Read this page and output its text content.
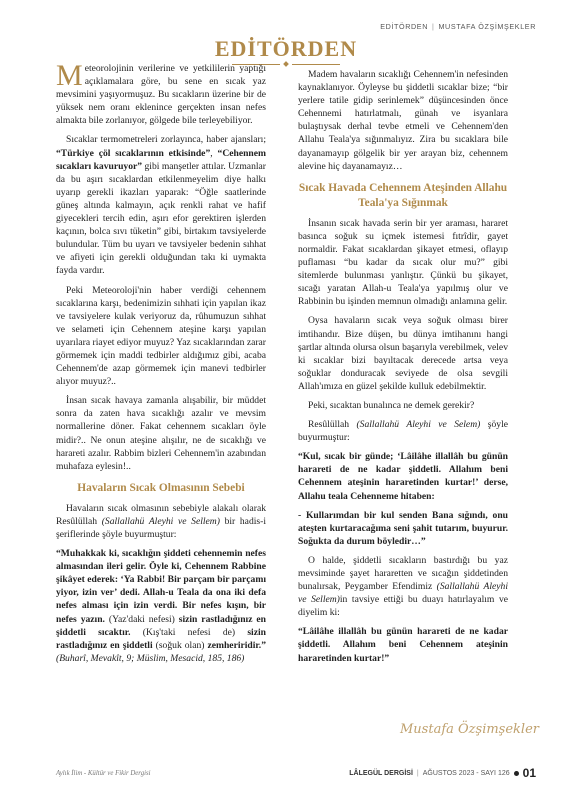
EDİTÖRDEN | MUSTAFA ÖZŞİMŞEKLER
EDİTÖRDEN

Meteorolojinin verilerine ve yetkililerin yaptığı açıklamalara göre, bu sene en sıcak yaz mevsimini yaşıyormuşuz. Bu sıcakların üzerine bir de yüksek nem oranı eklenince gerçekten insan nefes almakta bile zorlanıyor, gölgede bile terleyebiliyor.

Sıcaklar termometreleri zorlayınca, haber ajansları; “Türkiye çöl sıcaklarının etkisinde”, “Cehennem sıcakları kavuruyor” gibi manşetler attılar. Uzmanlar da bu aşırı sıcaklardan etkilenmeyelim diye halkı uyarıp gerekli ikazları yaparak: “Öğle saatlerinde güneş altında kalmayın, açık renkli rahat ve hafif giyecekleri tercih edin, aşırı efor gerektiren işlerden kaçının, bolca sıvı tüketin” gibi, birtakım tavsiyelerde bulundular. Tüm bu uyarı ve tavsiyeler bedenin sıhhat ve afiyeti için gerekli olduğundan takı ki uymakta fayda vardır.

Peki Meteoroloji'nin haber verdiği cehennem sıcaklarına karşı, bedenimizin sıhhati için yapılan ikaz ve tavsiyelere kulak veriyoruz da, rûhumuzun sıhhat ve selameti için Cehennem ateşine karşı yapılan uyarılara riayet ediyor muyuz? Yaz sıcaklarından zarar görmemek için maddi tedbirler aldığımız gibi, acaba Cehennem'de azap görmemek için manevi tedbirler alıyor muyuz?..

İnsan sıcak havaya zamanla alışabilir, bir müddet sonra da zaten hava sıcaklığı azalır ve mevsim normallerine döner. Fakat cehennem sıcakları öyle midir?.. Ne onun ateşine alışılır, ne de sıcaklığı ve harareti azalır. Rabbim bizleri Cehennem'in azabından muhafaza eylesin!..

Havaların Sıcak Olmasının Sebebi

Havaların sıcak olmasının sebebiyle alakalı olarak Resûlüllah (Sallallahü Aleyhi ve Sellem) bir hadis-i şeriflerinde şöyle buyurmuştur:

“Muhakkak ki, sıcaklığın şiddeti cehennemin nefes almasından ileri gelir. Öyle ki, Cehennem Rabbine şikâyet ederek: ‘Ya Rabbi! Bir parçam bir parçamı yiyor, izin ver’ dedi. Allah-u Teala da ona iki defa nefes alması için izin verdi. Bir nefes kışın, bir nefes yazın. (Yaz'daki nefesi) sizin rastladığınız en şiddetli sıcaktır. (Kış'taki nefesi de) sizin rastladığınız en şiddetli (soğuk olan) zemheriridir.” (Buharî, Mevakît, 9; Müslim, Mesacid, 185, 186)

Madem havaların sıcaklığı Cehennem'in nefesinden kaynaklanıyor. Öyleyse bu şiddetli sıcaklar bize; “bir yerlere tatile gidip serinlemek” düşüncesinden önce Cehennemi hatırlatmalı, günah ve isyanlara bulaştıysak derhal tevbe etmeli ve Cehennem'den Allahu Teala'ya sığınmalıyız. Zira bu sıcaklara bile dayanamayıp gölgelik bir yer arayan biz, cehennem alevine hiç dayanamayız…

Sıcak Havada Cehennem Ateşinden Allahu Teala'ya Sığınmak

İnsanın sıcak havada serin bir yer araması, hararet basınca soğuk su içmek istemesi fıtrîdir, gayet normaldir. Fakat sıcaklardan şikayet etmesi, oflayıp puflaması “bu kadar da sıcak olur mu?” gibi sitemlerde bulunması yanlıştır. Çünkü bu şikayet, sıcağı yaratan Allah-u Teala'ya yapılmış olur ve Rabbinin bu işinden memnun olmadığı anlamına gelir.

Oysa havaların sıcak veya soğuk olması birer imtihandır. Bize düşen, bu dünya imtihanını hangi şartlar altında olursa olsun başarıyla verebilmek, velev ki sıcaklar bizi bayıltacak derecede artsa veya soğuklar donduracak seviyede de olsa sevgili Allah'ımıza en güzel şekilde kulluk edebilmektir.

Peki, sıcaktan bunalınca ne demek gerekir?

Resûlüllah (Sallallahü Aleyhi ve Selem) şöyle buyurmuştur:

“Kul, sıcak bir günde; ‘Lâilâhe illallâh bu günün harareti de ne kadar şiddetli. Allahım beni Cehennem ateşinin hararetinden kurtar!’ derse, Allahu teala Cehenneme hitaben:

- Kullarımdan bir kul senden Bana sığındı, onu ateşten kurtaracağıma seni şahit tutarım, buyurur. Soğukta da durum böyledir…”

O halde, şiddetli sıcakların bastırdığı bu yaz mevsiminde şayet hararetten ve sıcağın şiddetinden bunalırsak, Peygamber Efendimiz (Sallallahü Aleyhi ve Sellem)in tavsiye ettiği bu duayı hatırlayalım ve diyelim ki:

“Lâilâhe illallâh bu günün harareti de ne kadar şiddetli. Allahım beni Cehennem ateşinin hararetinden kurtar!”

Mustafa Özşimşekler
Aylık İlim - Kültür ve Fikir Dergisi	LÂLEGÜL DERGİSİ | AĞUSTOS 2023 - SAYI 126 01
